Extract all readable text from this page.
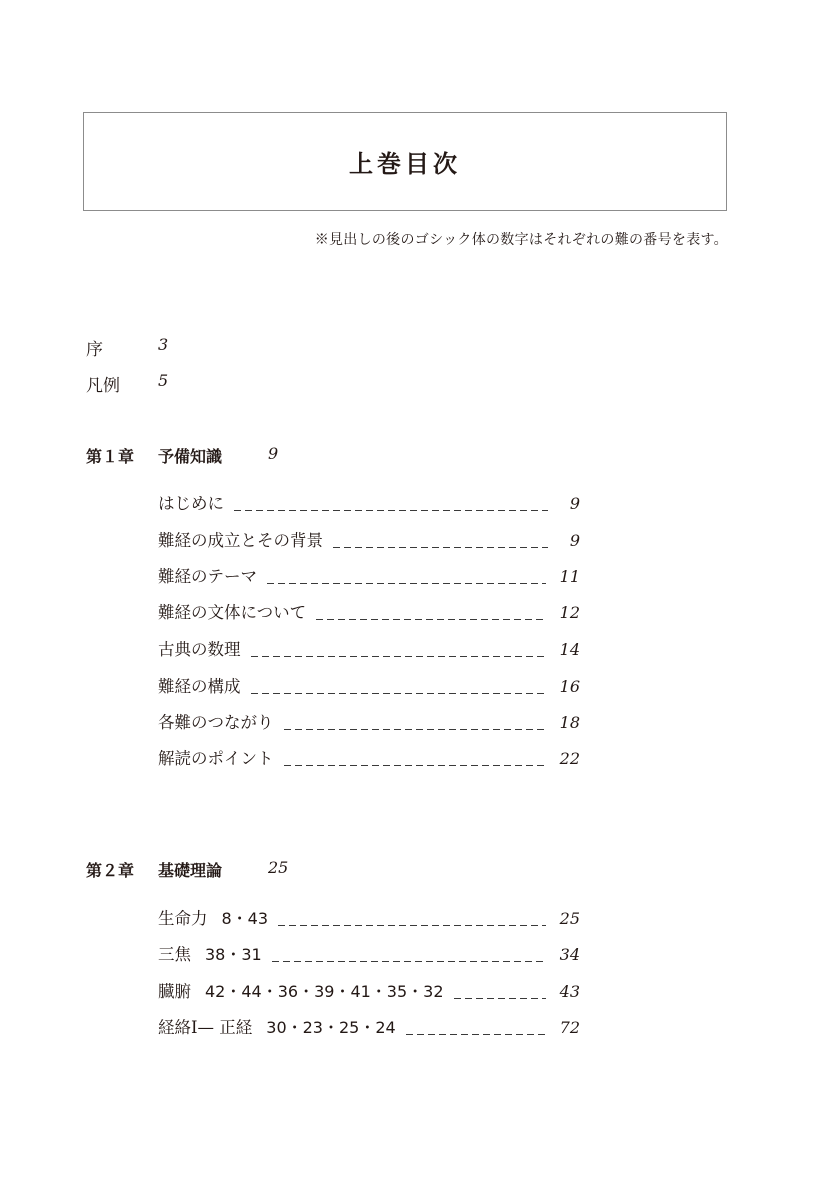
上巻目次
※見出しの後のゴシック体の数字はそれぞれの難の番号を表す。
序	3
凡例 5
第１章 予備知識	9
はじめに	9
難経の成立とその背景	9
難経のテーマ	11
難経の文体について	12
古典の数理	14
難経の構成	16
各難のつながり	18
解読のポイント	22
第２章 基礎理論	25
生命力 8・43	25
三焦 38・31	34
臓腑 42・44・36・39・41・35・32	43
経絡Ⅰ— 正経 30・23・25・24	72
